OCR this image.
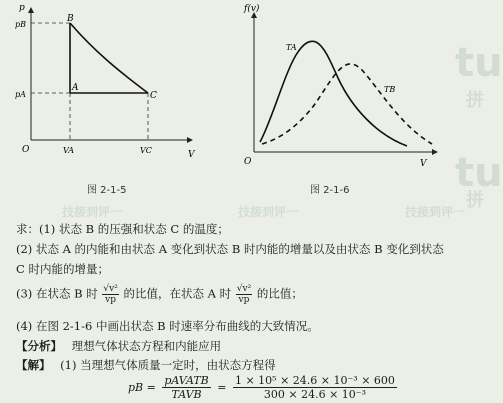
tu
tu
拼
拼
技接到评一	技接到评一	技接到评一
p
V
O
pB
pA
VA	VC
B
A
C
图 2-1-5
f(v)
V
O
TA
TB
图 2-1-6
求：(1) 状态 B 的压强和状态 C 的温度；
(2) 状态 A 的内能和由状态 A 变化到状态 B 时内能的增量以及由状态 B 变化到状态
C 时内能的增量；
(3) 在状态 B 时 $\frac{\text{√v²}}{vp}$ 的比值，在状态 A 时 $\frac{\text{√v²}}{vp}$ 的比值；
(4) 在图 2-1-6 中画出状态 B 时速率分布曲线的大致情况。
【分析】 理想气体状态方程和内能应用
【解】 (1) 当理想气体质量一定时，由状态方程得
pB =
pAVATB
TAVB
= $\frac{\text{1 × 10⁵ × 24.6 × 10⁻³ × 600}}{\text{300 × 24.6 × 10⁻³}}$
